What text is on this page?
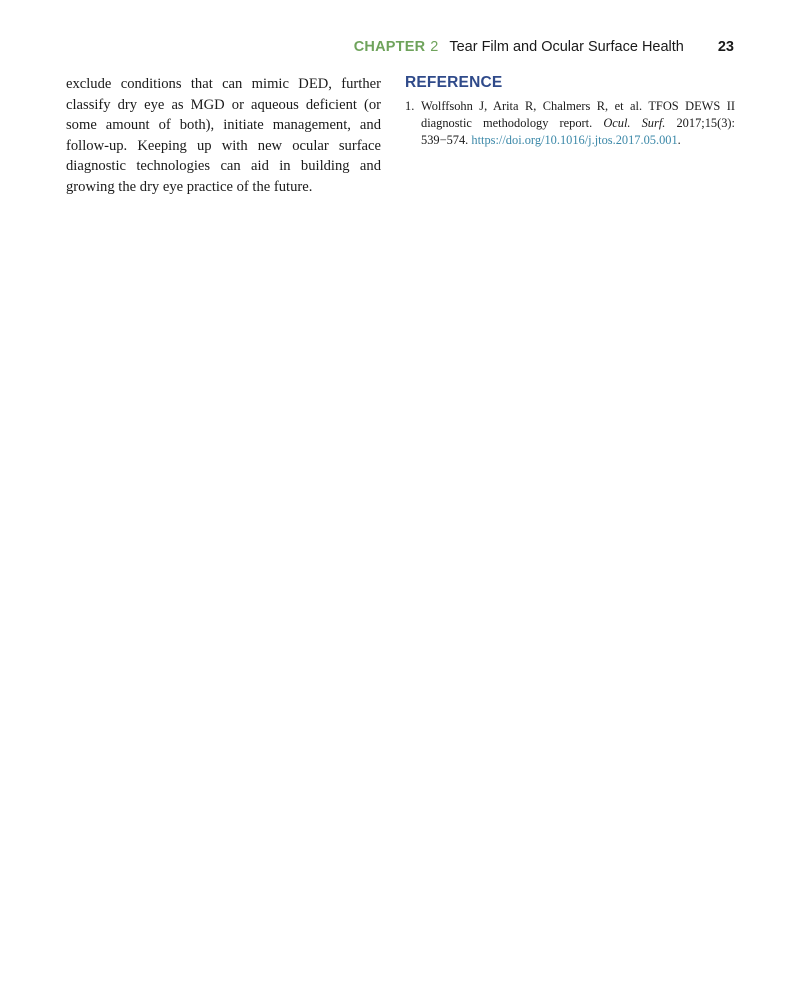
CHAPTER 2 Tear Film and Ocular Surface Health 23

exclude conditions that can mimic DED, further classify dry eye as MGD or aqueous deficient (or some amount of both), initiate management, and follow-up. Keeping up with new ocular surface diagnostic technologies can aid in building and growing the dry eye practice of the future.

REFERENCE
1. Wolffsohn J, Arita R, Chalmers R, et al. TFOS DEWS II diagnostic methodology report. Ocul. Surf. 2017;15(3): 539−574. https://doi.org/10.1016/j.jtos.2017.05.001.
